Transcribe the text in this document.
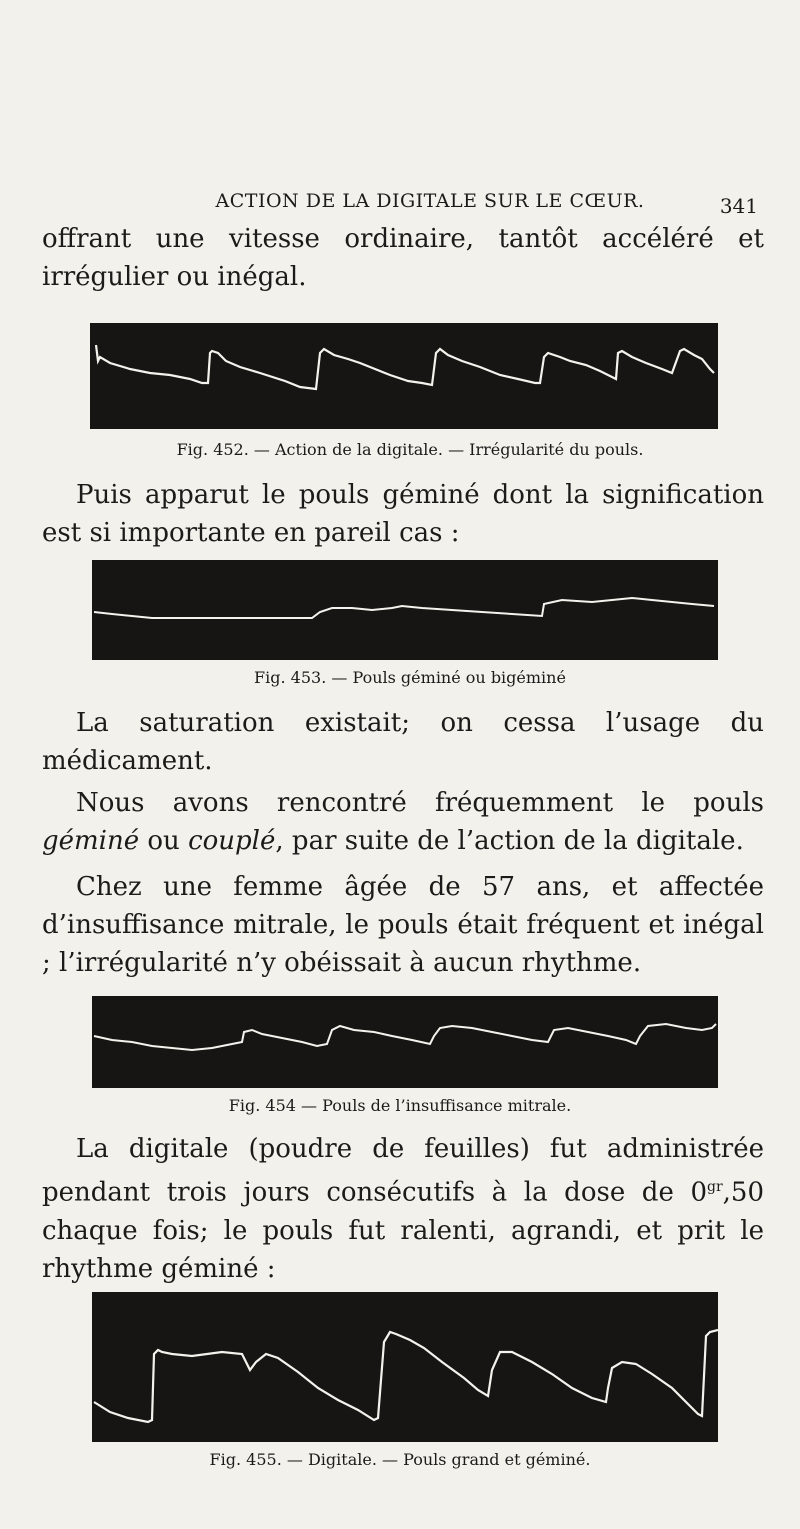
ACTION DE LA DIGITALE SUR LE CŒUR.	341

offrant une vitesse ordinaire, tantôt accéléré et irrégulier ou inégal.

Fig. 452. — Action de la digitale. — Irrégularité du pouls.

Puis apparut le pouls géminé dont la signification est si importante en pareil cas :

Fig. 453. — Pouls géminé ou bigéminé

La saturation existait; on cessa l’usage du médicament.

Nous avons rencontré fréquemment le pouls géminé ou couplé, par suite de l’action de la digitale.

Chez une femme âgée de 57 ans, et affectée d’insuffisance mitrale, le pouls était fréquent et inégal ; l’irrégularité n’y obéissait à aucun rhythme.

Fig. 454 — Pouls de l’insuffisance mitrale.

La digitale (poudre de feuilles) fut administrée pendant trois jours consécutifs à la dose de $0^{gr},50$ chaque fois; le pouls fut ralenti, agrandi, et prit le rhythme géminé :

Fig. 455. — Digitale. — Pouls grand et géminé.
